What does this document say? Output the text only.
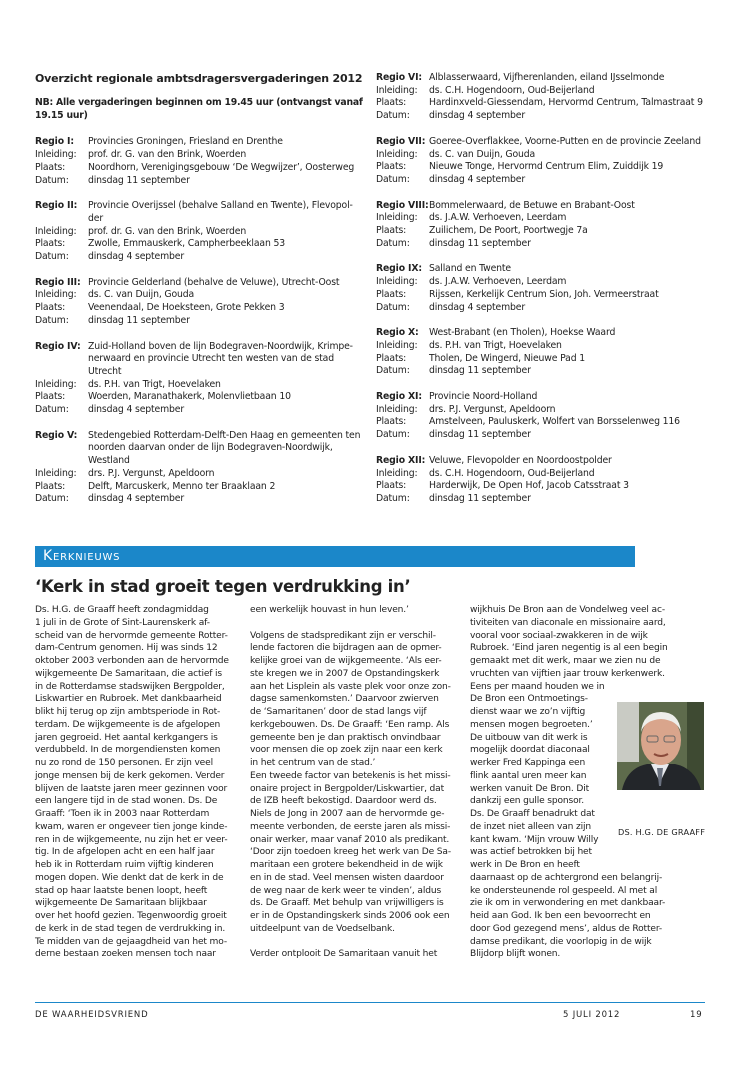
Overzicht regionale ambtsdragersvergaderingen 2012

NB: Alle vergaderingen beginnen om 19.45 uur (ontvangst vanaf 19.15 uur)

Regio I:	Provincies Groningen, Friesland en Drenthe
Inleiding:	prof. dr. G. van den Brink, Woerden
Plaats:	Noordhorn, Verenigingsgebouw ‘De Wegwijzer’, Oosterweg
Datum:	dinsdag 11 september
Regio II:	Provincie Overijssel (behalve Salland en Twente), Flevopol-
der
Inleiding:	prof. dr. G. van den Brink, Woerden
Plaats:	Zwolle, Emmauskerk, Campherbeeklaan 53
Datum:	dinsdag 4 september
Regio III: Provincie Gelderland (behalve de Veluwe), Utrecht-Oost
Inleiding:	ds. C. van Duijn, Gouda
Plaats:	Veenendaal, De Hoeksteen, Grote Pekken 3
Datum:	dinsdag 11 september
Regio IV: Zuid-Holland boven de lijn Bodegraven-Noordwijk, Krimpe-
nerwaard en provincie Utrecht ten westen van de stad
Utrecht
Inleiding:	ds. P.H. van Trigt, Hoevelaken
Plaats:	Woerden, Maranathakerk, Molenvlietbaan 10
Datum:	dinsdag 4 september
Regio V:	Stedengebied Rotterdam-Delft-Den Haag en gemeenten ten
noorden daarvan onder de lijn Bodegraven-Noordwijk,
Westland
Inleiding:	drs. P.J. Vergunst, Apeldoorn
Plaats:	Delft, Marcuskerk, Menno ter Braaklaan 2
Datum:	dinsdag 4 september
Regio VI: Alblasserwaard, Vijfherenlanden, eiland IJsselmonde
Inleiding:	ds. C.H. Hogendoorn, Oud-Beijerland
Plaats:	Hardinxveld-Giessendam, Hervormd Centrum, Talmastraat 9
Datum:	dinsdag 4 september
Regio VII: Goeree-Overflakkee, Voorne-Putten en de provincie Zeeland
Inleiding:	ds. C. van Duijn, Gouda
Plaats:	Nieuwe Tonge, Hervormd Centrum Elim, Zuiddijk 19
Datum:	dinsdag 4 september
Regio VIII: Bommelerwaard, de Betuwe en Brabant-Oost
Inleiding:	ds. J.A.W. Verhoeven, Leerdam
Plaats:	Zuilichem, De Poort, Poortwegje 7a
Datum:	dinsdag 11 september
Regio IX: Salland en Twente
Inleiding:	ds. J.A.W. Verhoeven, Leerdam
Plaats:	Rijssen, Kerkelijk Centrum Sion, Joh. Vermeerstraat
Datum:	dinsdag 4 september
Regio X:	West-Brabant (en Tholen), Hoekse Waard
Inleiding:	ds. P.H. van Trigt, Hoevelaken
Plaats:	Tholen, De Wingerd, Nieuwe Pad 1
Datum:	dinsdag 11 september
Regio XI: Provincie Noord-Holland
Inleiding:	drs. P.J. Vergunst, Apeldoorn
Plaats:	Amstelveen, Pauluskerk, Wolfert van Borsselenweg 116
Datum:	dinsdag 11 september
Regio XII: Veluwe, Flevopolder en Noordoostpolder
Inleiding:	ds. C.H. Hogendoorn, Oud-Beijerland
Plaats:	Harderwijk, De Open Hof, Jacob Catsstraat 3
Datum:	dinsdag 11 september
Kerknieuws
‘Kerk in stad groeit tegen verdrukking in’
Ds. H.G. de Graaff heeft zondagmiddag
1 juli in de Grote of Sint-Laurenskerk af-
scheid van de hervormde gemeente Rotter-
dam-Centrum genomen. Hij was sinds 12
oktober 2003 verbonden aan de hervormde
wijkgemeente De Samaritaan, die actief is
in de Rotterdamse stadswijken Bergpolder,
Liskwartier en Rubroek. Met dankbaarheid
blikt hij terug op zijn ambtsperiode in Rot-
terdam. De wijkgemeente is de afgelopen
jaren gegroeid. Het aantal kerkgangers is
verdubbeld. In de morgendiensten komen
nu zo rond de 150 personen. Er zijn veel
jonge mensen bij de kerk gekomen. Verder
blijven de laatste jaren meer gezinnen voor
een langere tijd in de stad wonen. Ds. De
Graaff: ‘Toen ik in 2003 naar Rotterdam
kwam, waren er ongeveer tien jonge kinde-
ren in de wijkgemeente, nu zijn het er veer-
tig. In de afgelopen acht en een half jaar
heb ik in Rotterdam ruim vijftig kinderen
mogen dopen. Wie denkt dat de kerk in de
stad op haar laatste benen loopt, heeft
wijkgemeente De Samaritaan blijkbaar
over het hoofd gezien. Tegenwoordig groeit
de kerk in de stad tegen de verdrukking in.
Te midden van de gejaagdheid van het mo-
derne bestaan zoeken mensen toch naar
een werkelijk houvast in hun leven.’

Volgens de stadspredikant zijn er verschil-
lende factoren die bijdragen aan de opmer-
kelijke groei van de wijkgemeente. ‘Als eer-
ste kregen we in 2007 de Opstandingskerk
aan het Lisplein als vaste plek voor onze zon-
dagse samenkomsten.’ Daarvoor zwierven
de ‘Samaritanen’ door de stad langs vijf
kerkgebouwen. Ds. De Graaff: ‘Een ramp. Als
gemeente ben je dan praktisch onvindbaar
voor mensen die op zoek zijn naar een kerk
in het centrum van de stad.’
Een tweede factor van betekenis is het missi-
onaire project in Bergpolder/Liskwartier, dat
de IZB heeft bekostigd. Daardoor werd ds.
Niels de Jong in 2007 aan de hervormde ge-
meente verbonden, de eerste jaren als missi-
onair werker, maar vanaf 2010 als predikant.
‘Door zijn toedoen kreeg het werk van De Sa-
maritaan een grotere bekendheid in de wijk
en in de stad. Veel mensen wisten daardoor
de weg naar de kerk weer te vinden’, aldus
ds. De Graaff. Met behulp van vrijwilligers is
er in de Opstandingskerk sinds 2006 ook een
uitdeelpunt van de Voedselbank.

Verder ontplooit De Samaritaan vanuit het
wijkhuis De Bron aan de Vondelweg veel ac-
tiviteiten van diaconale en missionaire aard,
vooral voor sociaal-zwakkeren in de wijk
Rubroek. ‘Eind jaren negentig is al een begin
gemaakt met dit werk, maar we zien nu de
vruchten van vijftien jaar trouw kerkenwerk.
Eens per maand houden we in
De Bron een Ontmoetings-
dienst waar we zo’n vijftig
mensen mogen begroeten.’
De uitbouw van dit werk is
mogelijk doordat diaconaal
werker Fred Kappinga een
flink aantal uren meer kan
werken vanuit De Bron. Dit
dankzij een gulle sponsor.
Ds. De Graaff benadrukt dat
de inzet niet alleen van zijn
kant kwam. ‘Mijn vrouw Willy
was actief betrokken bij het
werk in De Bron en heeft
daarnaast op de achtergrond een belangrij-
ke ondersteunende rol gespeeld. Al met al
zie ik om in verwondering en met dankbaar-
heid aan God. Ik ben een bevoorrecht en
door God gezegend mens’, aldus de Rotter-
damse predikant, die voorlopig in de wijk
Blijdorp blijft wonen.
DS. H.G. DE GRAAFF
DE WAARHEIDSVRIEND	5 JULI 2012	19
